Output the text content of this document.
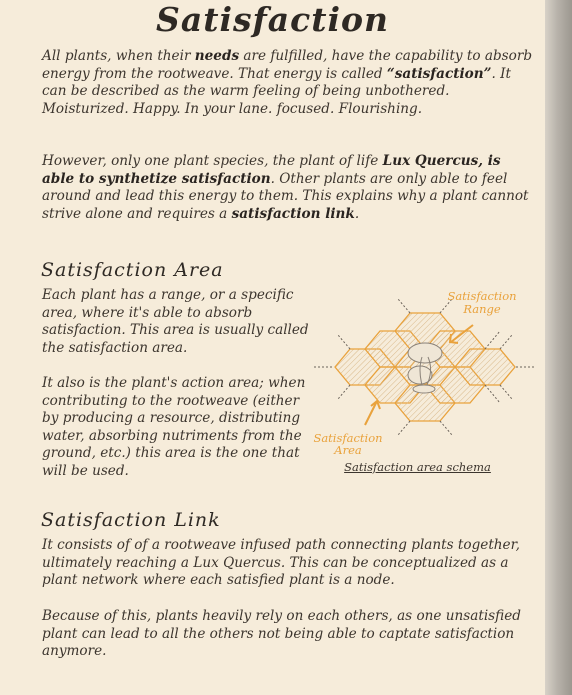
Satisfaction

All plants, when their needs are fulfilled, have the capability to absorb energy from the rootweave. That energy is called “satisfaction”. It can be described as the warm feeling of being unbothered. Moisturized. Happy. In your lane. focused. Flourishing.

However, only one plant species, the plant of life Lux Quercus, is able to synthetize satisfaction. Other plants are only able to feel around and lead this energy to them. This explains why a plant cannot strive alone and requires a satisfaction link.

Satisfaction Area

Each plant has a range, or a specific area, where it's able to absorb satisfaction. This area is usually called the satisfaction area.

It also is the plant's action area; when contributing to the rootweave (either by producing a resource, distributing water, absorbing nutriments from the ground, etc.) this area is the one that will be used.

Satisfaction
Range
Satisfaction
Area
Satisfaction area schema
Satisfaction Link

It consists of of a rootweave infused path connecting plants together, ultimately reaching a Lux Quercus. This can be conceptualized as a plant network where each satisfied plant is a node.

Because of this, plants heavily rely on each others, as one unsatisfied plant can lead to all the others not being able to captate satisfaction anymore.
